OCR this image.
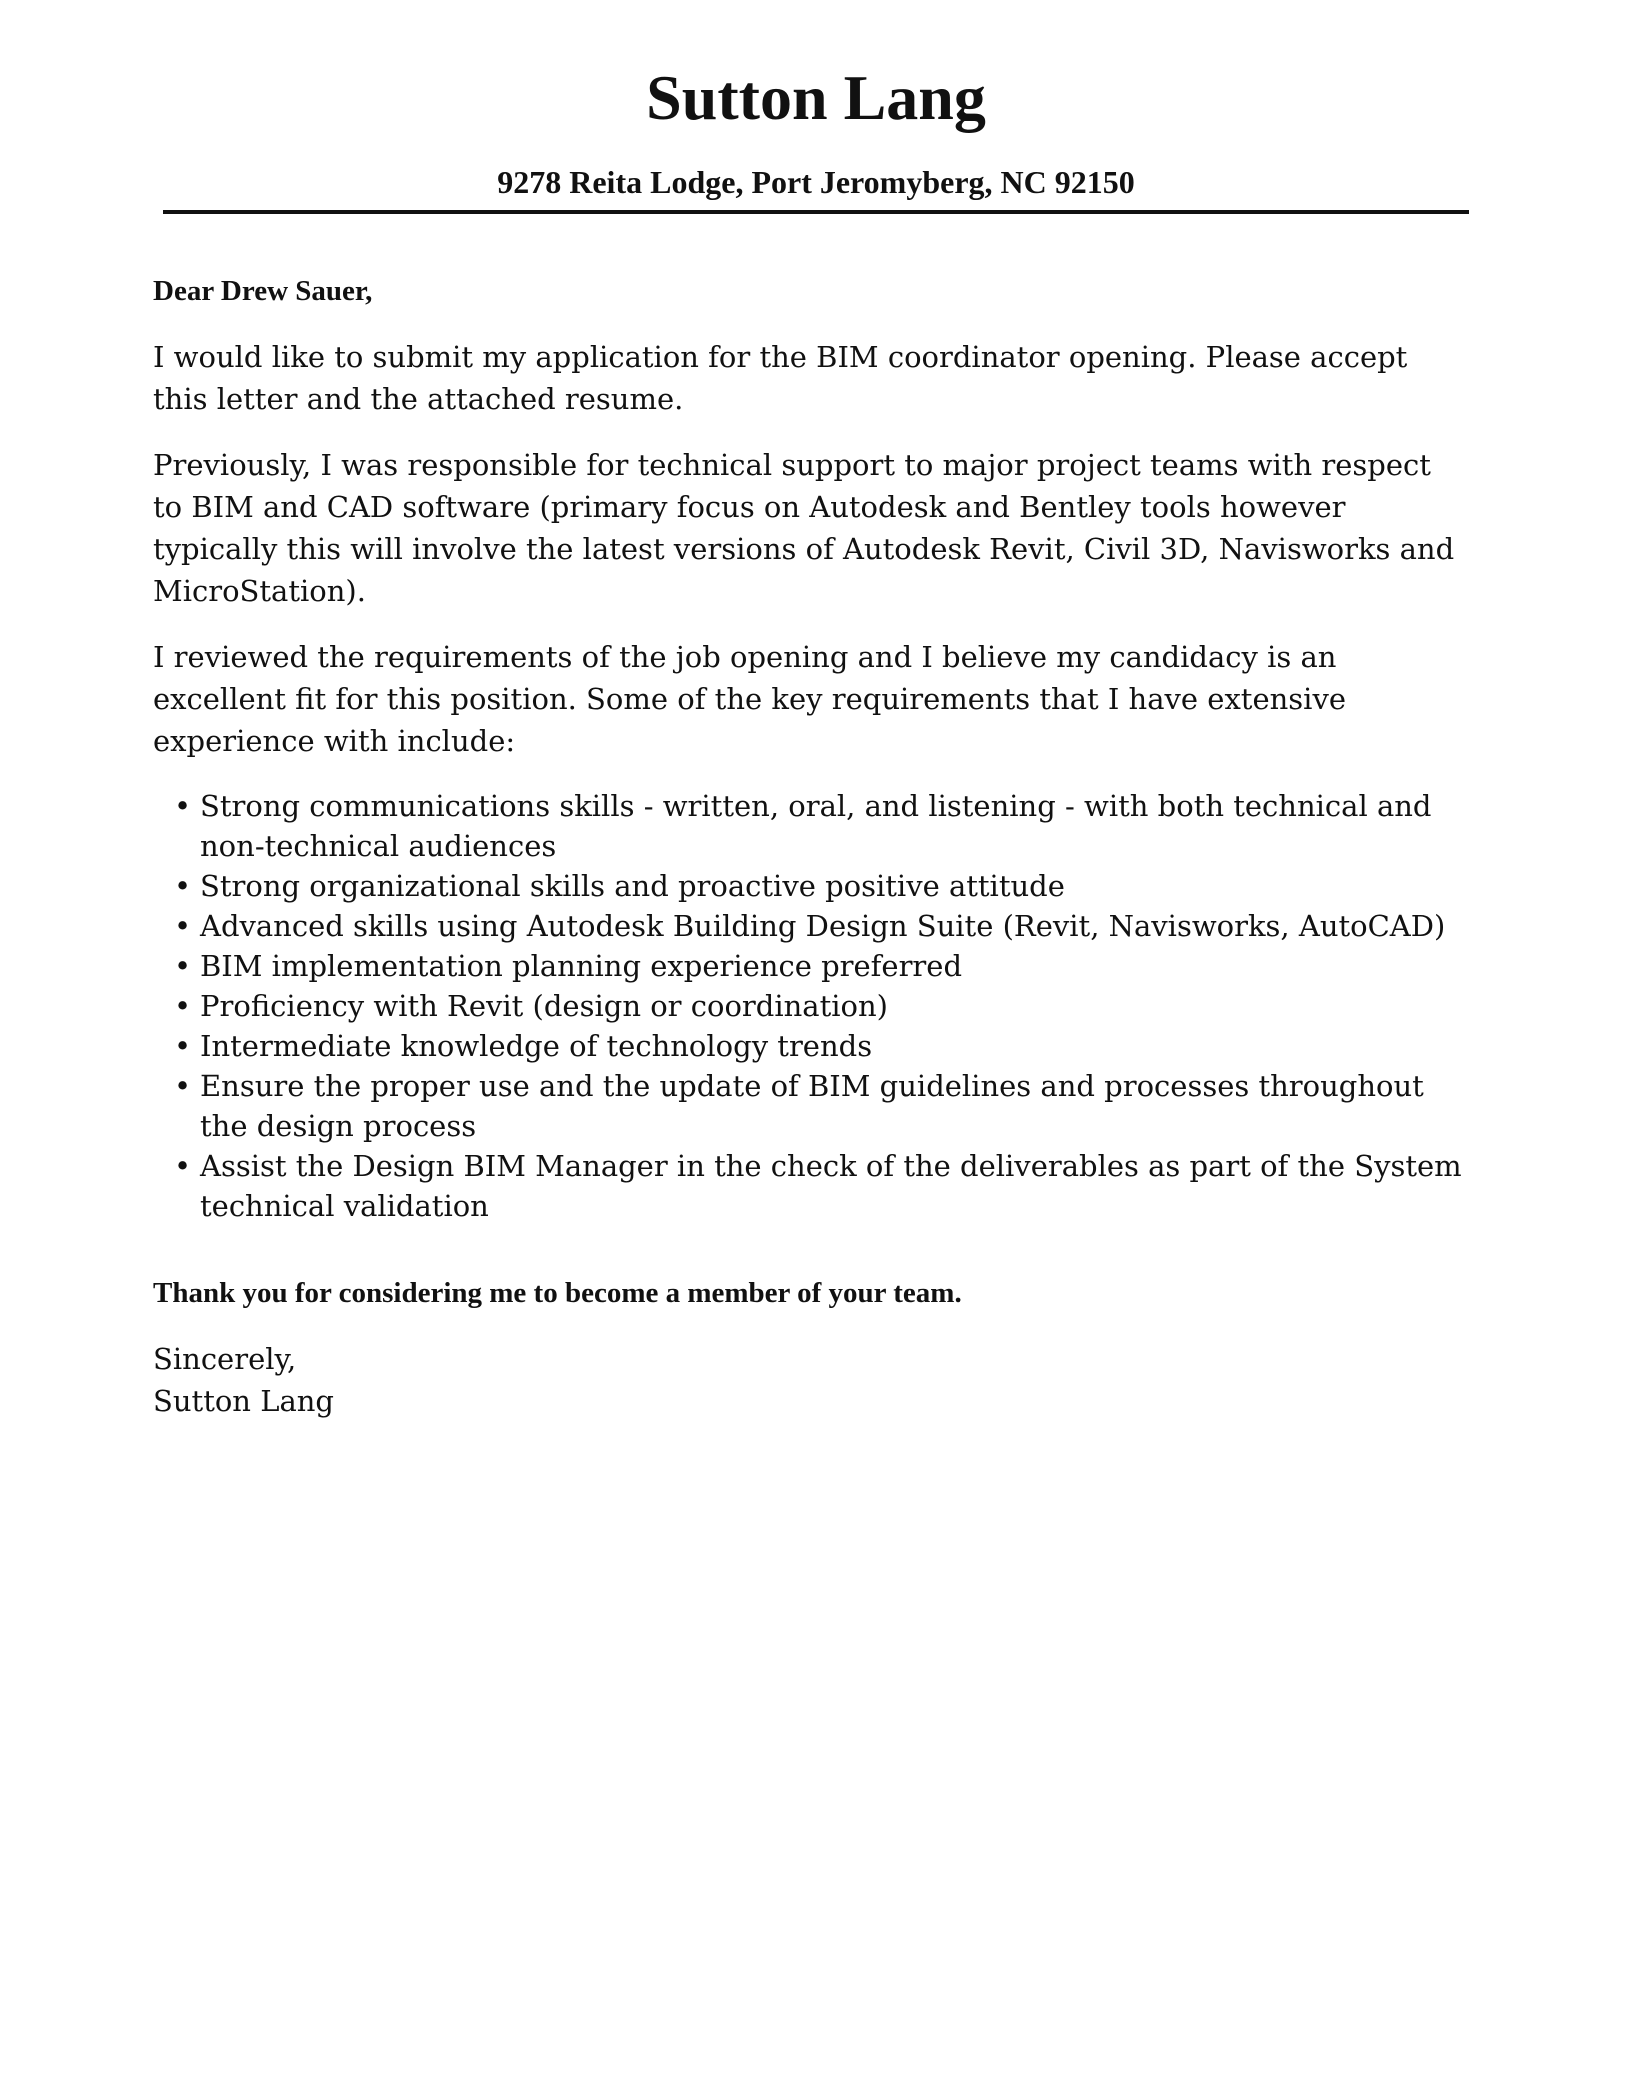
Sutton Lang
9278 Reita Lodge, Port Jeromyberg, NC 92150

Dear Drew Sauer,

I would like to submit my application for the BIM coordinator opening. Please accept this letter and the attached resume.

Previously, I was responsible for technical support to major project teams with respect to BIM and CAD software (primary focus on Autodesk and Bentley tools however typically this will involve the latest versions of Autodesk Revit, Civil 3D, Navisworks and MicroStation).

I reviewed the requirements of the job opening and I believe my candidacy is an excellent fit for this position. Some of the key requirements that I have extensive experience with include:

• Strong communications skills - written, oral, and listening - with both technical and non-technical audiences
• Strong organizational skills and proactive positive attitude
• Advanced skills using Autodesk Building Design Suite (Revit, Navisworks, AutoCAD)
• BIM implementation planning experience preferred
• Proficiency with Revit (design or coordination)
• Intermediate knowledge of technology trends
• Ensure the proper use and the update of BIM guidelines and processes throughout the design process
• Assist the Design BIM Manager in the check of the deliverables as part of the System technical validation

Thank you for considering me to become a member of your team.

Sincerely,

Sutton Lang
